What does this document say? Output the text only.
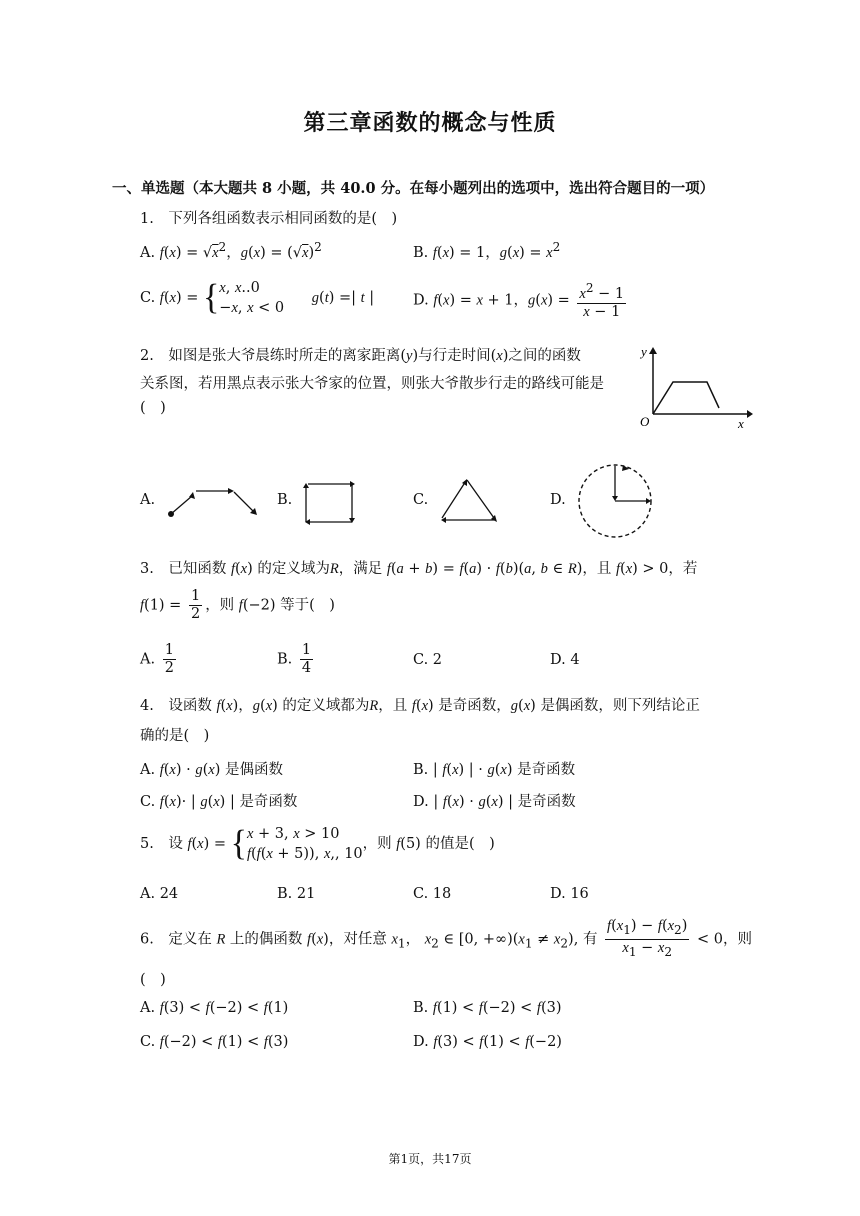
第三章函数的概念与性质
一、单选题（本大题共 8 小题，共 40.0 分。在每小题列出的选项中，选出符合题目的一项）
1. 下列各组函数表示相同函数的是( )
A. $f(x) = √x^2$，$g(x) = (√x)^2$	B. f(x) = 1，$g(x) = x^2$
C. f(x) = {x, x..0
−x, x < 0      g(t) =| t |	D. f(x) = x + 1，$g(x) = \frac{x^2 - 1}{x - 1}$
2. 如图是张大爷晨练时所走的离家距离(y)与行走时间(x)之间的函数
关系图，若用黑点表示张大爷家的位置，则张大爷散步行走的路线可能是
( )
y
O	x
A.	B.	C.	D.
3. 已知函数 f(x) 的定义域为R，满足 f(a + b) = f(a) · f(b)(a, b ∈ R)，且 f(x) > 0，若
$f(1) = \frac{1}{2}$ ，则 f(−2) 等于( )
A. $\frac{1}{2}$	B. $\frac{1}{4}$	C. 2	D. 4
4. 设函数 f(x)，g(x) 的定义域都为R，且 f(x) 是奇函数，g(x) 是偶函数，则下列结论正
确的是( )
A. f(x) · g(x) 是偶函数	B. | f(x) | · g(x) 是奇函数
C. f(x)· | g(x) | 是奇函数	D. | f(x) · g(x) | 是奇函数
5. 设 f(x) = {x + 3, x > 10
f(f(x + 5)), x,, 10，则 f(5) 的值是( )
A. 24	B. 21	C. 18	D. 16
6. 定义在 R 上的偶函数 f(x)，对任意 $x_1$， $x_2$ ∈ [0, $+\infty)(x_1 \ne x_2)$, 有 $\frac{f(x_1) - f(x_2)}{x_1 - x_2} < 0$，则
( )
A. f(3) < f(−2) < f(1)	B. f(1) < f(−2) < f(3)
C. f(−2) < f(1) < f(3)	D. f(3) < f(1) < f(−2)
第1页，共17页
